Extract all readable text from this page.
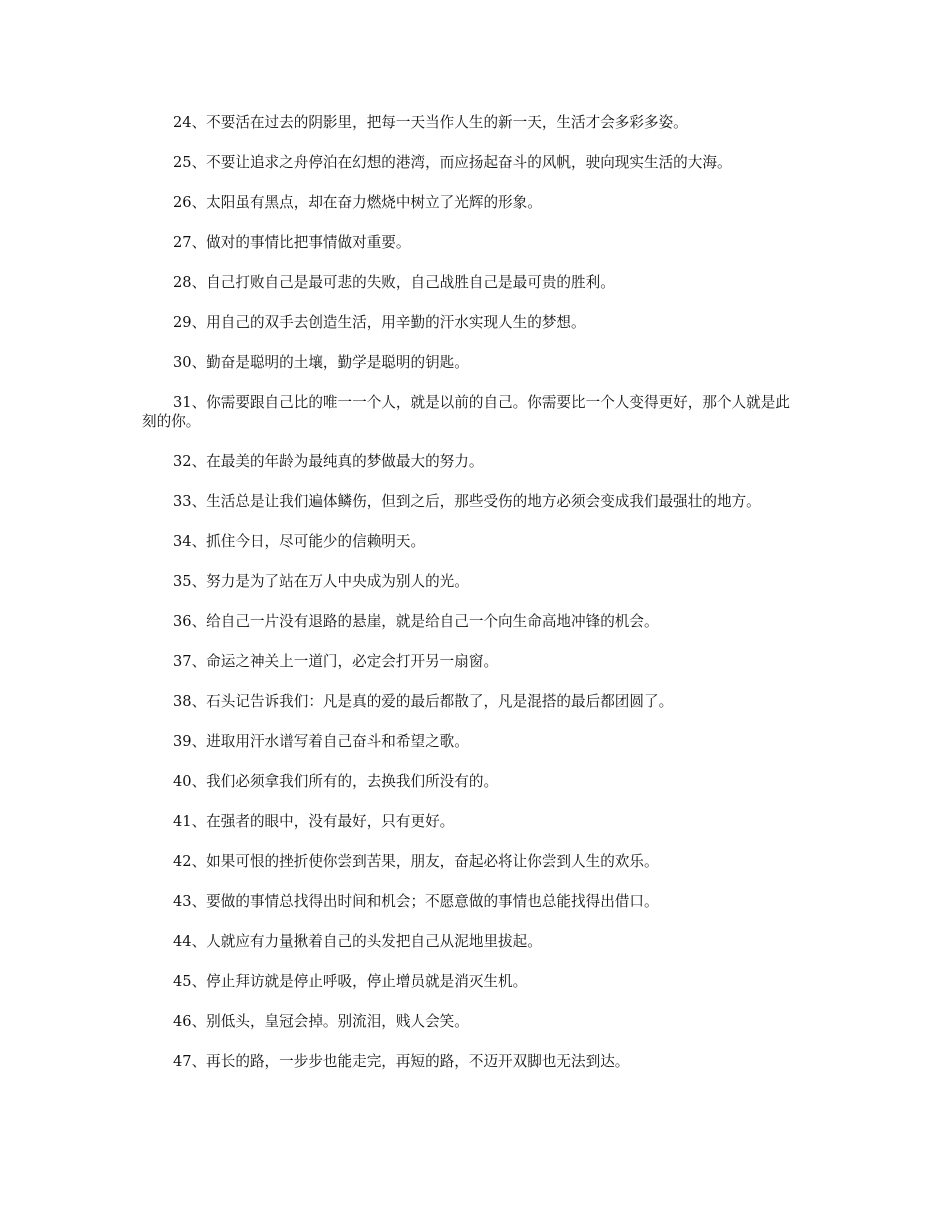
24、不要活在过去的阴影里，把每一天当作人生的新一天，生活才会多彩多姿。

25、不要让追求之舟停泊在幻想的港湾，而应扬起奋斗的风帆，驶向现实生活的大海。

26、太阳虽有黑点，却在奋力燃烧中树立了光辉的形象。

27、做对的事情比把事情做对重要。

28、自己打败自己是最可悲的失败，自己战胜自己是最可贵的胜利。

29、用自己的双手去创造生活，用辛勤的汗水实现人生的梦想。

30、勤奋是聪明的土壤，勤学是聪明的钥匙。

31、你需要跟自己比的唯一一个人，就是以前的自己。你需要比一个人变得更好，那个人就是此刻的你。

32、在最美的年龄为最纯真的梦做最大的努力。

33、生活总是让我们遍体鳞伤，但到之后，那些受伤的地方必须会变成我们最强壮的地方。

34、抓住今日，尽可能少的信赖明天。

35、努力是为了站在万人中央成为别人的光。

36、给自己一片没有退路的悬崖，就是给自己一个向生命高地冲锋的机会。

37、命运之神关上一道门，必定会打开另一扇窗。

38、石头记告诉我们：凡是真的爱的最后都散了，凡是混搭的最后都团圆了。

39、进取用汗水谱写着自己奋斗和希望之歌。

40、我们必须拿我们所有的，去换我们所没有的。

41、在强者的眼中，没有最好，只有更好。

42、如果可恨的挫折使你尝到苦果，朋友，奋起必将让你尝到人生的欢乐。

43、要做的事情总找得出时间和机会；不愿意做的事情也总能找得出借口。

44、人就应有力量揪着自己的头发把自己从泥地里拔起。

45、停止拜访就是停止呼吸，停止增员就是消灭生机。

46、别低头，皇冠会掉。别流泪，贱人会笑。

47、再长的路，一步步也能走完，再短的路，不迈开双脚也无法到达。
